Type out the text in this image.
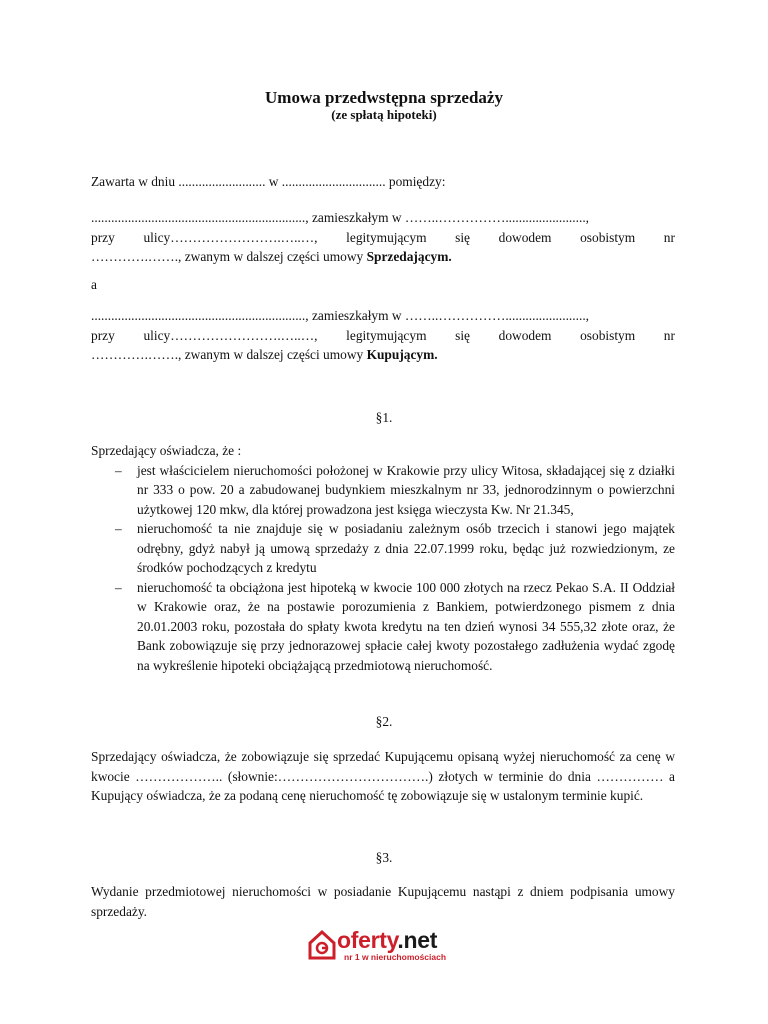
Umowa przedwstępna sprzedaży
(ze spłatą hipoteki)
Zawarta w dniu .......................... w ............................... pomiędzy:
................................................................, zamieszkałym w ……..……………........................,
przy ulicy…………………….…..…, legitymującym się dowodem osobistym nr
………….……., zwanym w dalszej części umowy Sprzedającym.
a
................................................................, zamieszkałym w ……..……………........................,
przy ulicy…………………….…..…, legitymującym się dowodem osobistym nr
………….……., zwanym w dalszej części umowy Kupującym.
§1.
Sprzedający oświadcza, że :
– jest właścicielem nieruchomości położonej w Krakowie przy ulicy Witosa, składającej się z działki nr 333 o pow. 20 a zabudowanej budynkiem mieszkalnym nr 33, jednorodzinnym o powierzchni użytkowej 120 mkw, dla której prowadzona jest księga wieczysta Kw. Nr 21.345,
– nieruchomość ta nie znajduje się w posiadaniu zależnym osób trzecich i stanowi jego majątek odrębny, gdyż nabył ją umową sprzedaży z dnia 22.07.1999 roku, będąc już rozwiedzionym, ze środków pochodzących z kredytu
– nieruchomość ta obciążona jest hipoteką w kwocie 100 000 złotych na rzecz Pekao S.A. II Oddział w Krakowie oraz, że na postawie porozumienia z Bankiem, potwierdzonego pismem z dnia 20.01.2003 roku, pozostała do spłaty kwota kredytu na ten dzień wynosi 34 555,32 złote oraz, że Bank zobowiązuje się przy jednorazowej spłacie całej kwoty pozostałego zadłużenia wydać zgodę na wykreślenie hipoteki obciążającą przedmiotową nieruchomość.
§2.
Sprzedający oświadcza, że zobowiązuje się sprzedać Kupującemu opisaną wyżej nieruchomość za cenę w kwocie ……………….. (słownie:…………………………….) złotych w terminie do dnia …………… a Kupujący oświadcza, że za podaną cenę nieruchomość tę zobowiązuje się w ustalonym terminie kupić.
§3.
Wydanie przedmiotowej nieruchomości w posiadanie Kupującemu nastąpi z dniem podpisania umowy sprzedaży.
oferty.net
nr 1 w nieruchomościach
